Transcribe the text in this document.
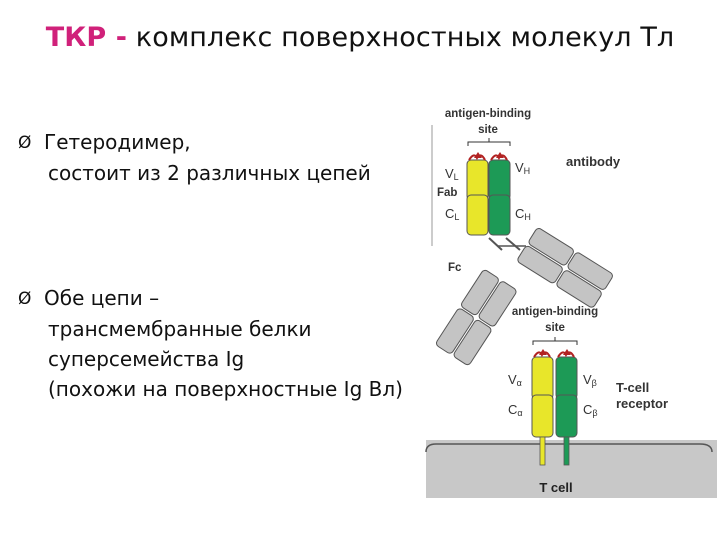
ТКР - комплекс поверхностных молекул Тл
Ø Гетеродимер,
состоит из 2 различных цепей
Ø Обе цепи –
трансмембранные белки
суперсемейства Ig
(похожи на поверхностные Ig Вл)
antigen-binding
site
antibody
VL
VH
Fab
CL	CH
Fc
antigen-binding
site
Vα	Vβ
Cα	Cβ
T-cell
receptor
T cell
